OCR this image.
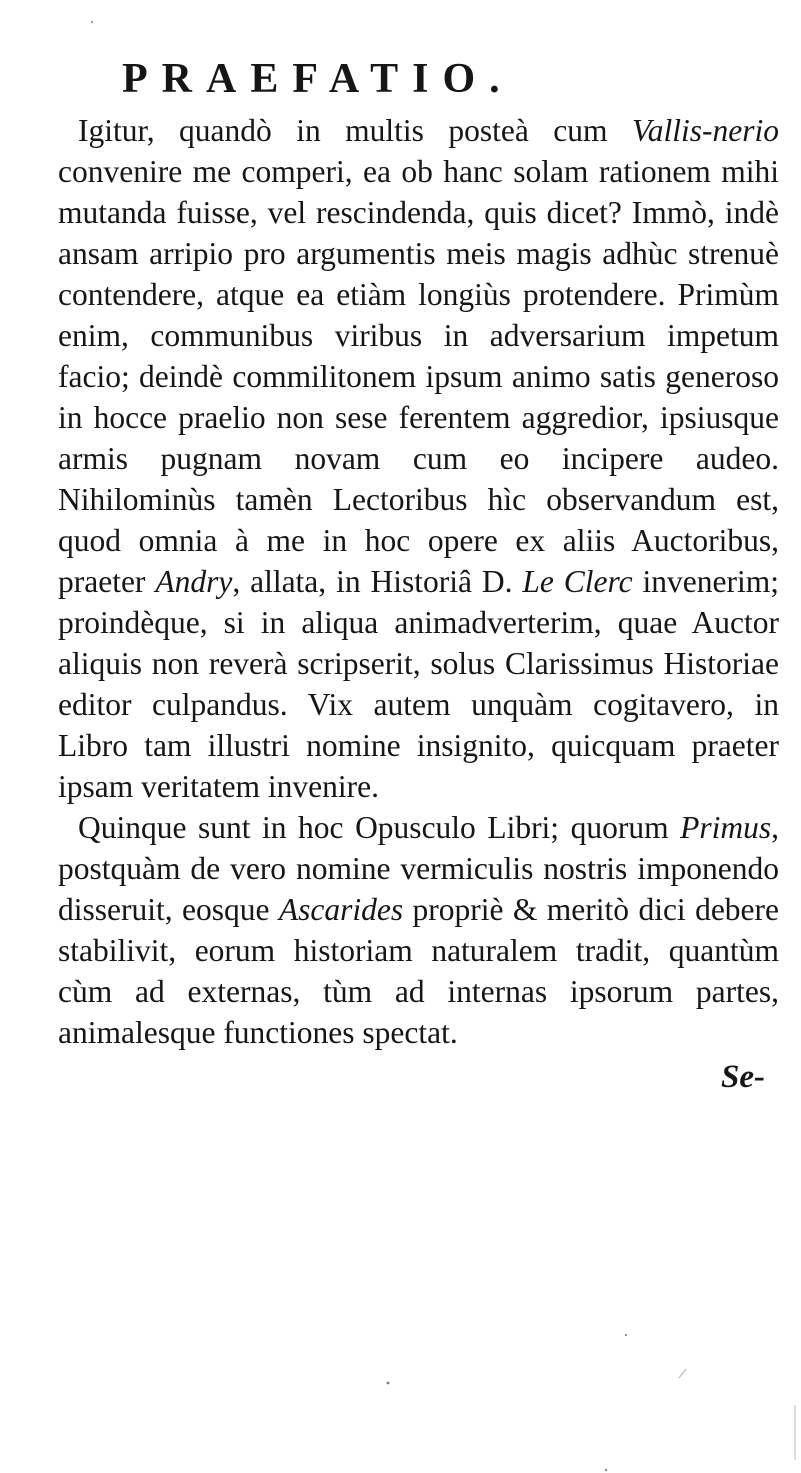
PRAEFATIO.

Igitur, quandò in multis posteà cum Vallis-nerio convenire me comperi, ea ob hanc solam rationem mihi mutanda fuisse, vel rescindenda, quis dicet? Immò, indè ansam arripio pro argumentis meis magis adhùc strenuè contendere, atque ea etiàm longiùs protendere. Primùm enim, communibus viribus in adversarium impetum facio; deindè commilitonem ipsum animo satis generoso in hocce praelio non sese ferentem aggredior, ipsiusque armis pugnam novam cum eo incipere audeo. Nihilominùs tamèn Lectoribus hìc observandum est, quod omnia à me in hoc opere ex aliis Auctoribus, praeter Andry, allata, in Historiâ D. Le Clerc invenerim; proindèque, si in aliqua animadverterim, quae Auctor aliquis non reverà scripserit, solus Clarissimus Historiae editor culpandus. Vix autem unquàm cogitavero, in Libro tam illustri nomine insignito, quicquam praeter ipsam veritatem invenire.

Quinque sunt in hoc Opusculo Libri; quorum Primus, postquàm de vero nomine vermiculis nostris imponendo disseruit, eosque Ascarides propriè & meritò dici debere stabilivit, eorum historiam naturalem tradit, quantùm cùm ad externas, tùm ad internas ipsorum partes, animalesque functiones spectat.

Se-
